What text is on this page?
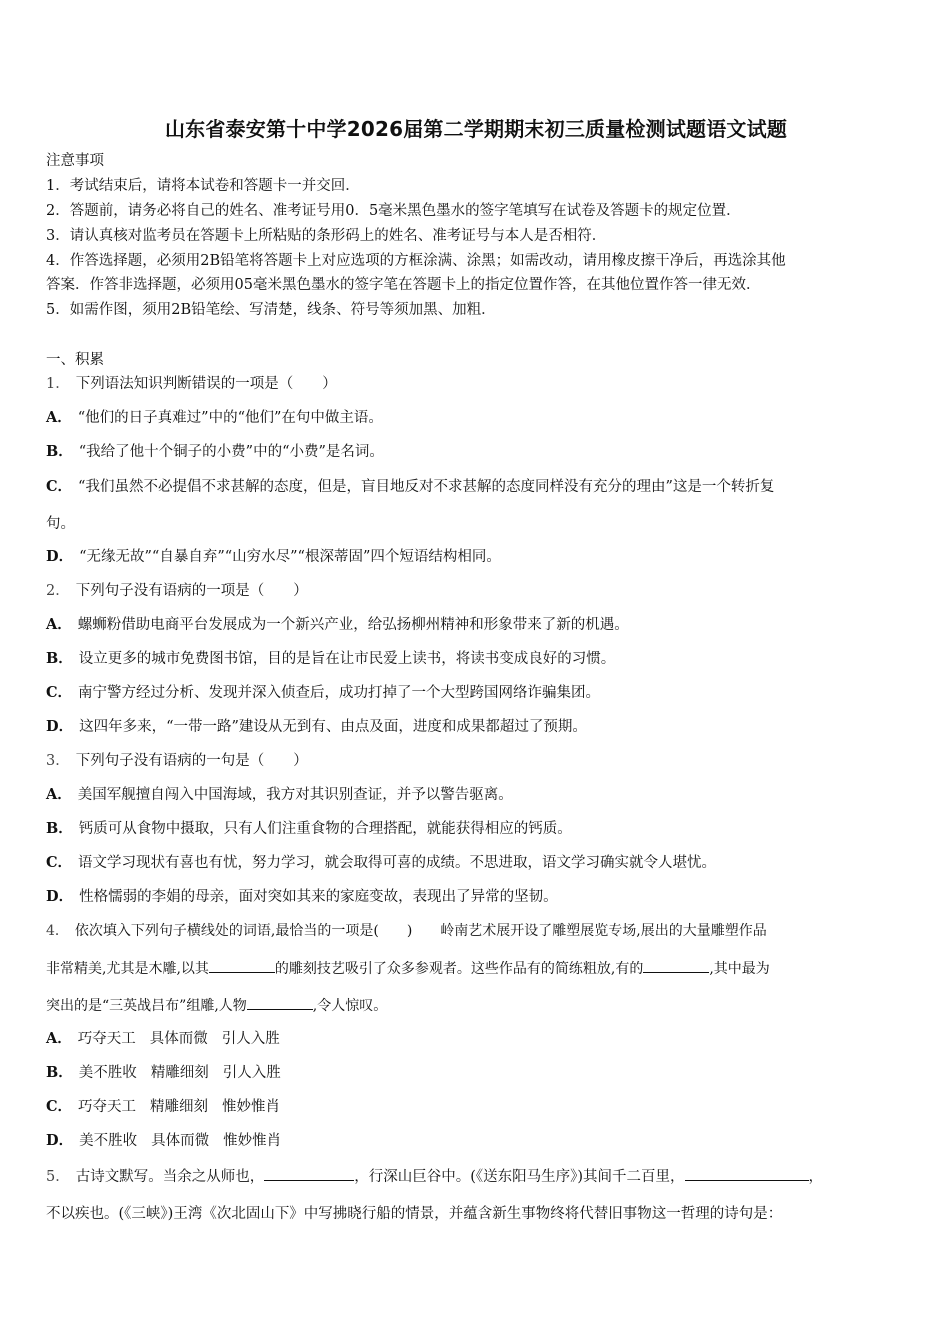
山东省泰安第十中学2026届第二学期期末初三质量检测试题语文试题
注意事项
1．考试结束后，请将本试卷和答题卡一并交回．
2．答题前，请务必将自己的姓名、准考证号用0．5毫米黑色墨水的签字笔填写在试卷及答题卡的规定位置．
3．请认真核对监考员在答题卡上所粘贴的条形码上的姓名、准考证号与本人是否相符．
4．作答选择题，必须用2B铅笔将答题卡上对应选项的方框涂满、涂黑；如需改动，请用橡皮擦干净后，再选涂其他
答案．作答非选择题，必须用05毫米黑色墨水的签字笔在答题卡上的指定位置作答，在其他位置作答一律无效．
5．如需作图，须用2B铅笔绘、写清楚，线条、符号等须加黑、加粗．
一、积累
1． 下列语法知识判断错误的一项是（　　）
A． “他们的日子真难过”中的“他们”在句中做主语。
B． “我给了他十个铜子的小费”中的“小费”是名词。
C． “我们虽然不必提倡不求甚解的态度，但是，盲目地反对不求甚解的态度同样没有充分的理由”这是一个转折复
句。
D． “无缘无故”“自暴自弃”“山穷水尽”“根深蒂固”四个短语结构相同。
2． 下列句子没有语病的一项是（　　）
A． 螺蛳粉借助电商平台发展成为一个新兴产业，给弘扬柳州精神和形象带来了新的机遇。
B． 设立更多的城市免费图书馆，目的是旨在让市民爱上读书，将读书变成良好的习惯。
C． 南宁警方经过分析、发现并深入侦查后，成功打掉了一个大型跨国网络诈骗集团。
D． 这四年多来，“一带一路”建设从无到有、由点及面，进度和成果都超过了预期。
3． 下列句子没有语病的一句是（　　）
A． 美国军舰擅自闯入中国海域，我方对其识别查证，并予以警告驱离。
B． 钙质可从食物中摄取，只有人们注重食物的合理搭配，就能获得相应的钙质。
C． 语文学习现状有喜也有忧，努力学习，就会取得可喜的成绩。不思进取，语文学习确实就令人堪忧。
D． 性格懦弱的李娟的母亲，面对突如其来的家庭变故，表现出了异常的坚韧。
4． 依次填入下列句子横线处的词语,最恰当的一项是(　　)　　岭南艺术展开设了雕塑展览专场,展出的大量雕塑作品
非常精美,尤其是木雕,以其	的雕刻技艺吸引了众多参观者。这些作品有的简练粗放,有的	,其中最为
突出的是“三英战吕布”组雕,人物	,令人惊叹。
A． 巧夺天工 具体而微 引人入胜
B． 美不胜收 精雕细刻 引人入胜
C． 巧夺天工 精雕细刻 惟妙惟肖
D． 美不胜收 具体而微 惟妙惟肖
5． 古诗文默写。当余之从师也，	，行深山巨谷中。(《送东阳马生序》)其间千二百里，	，
不以疾也。(《三峡》)王湾《次北固山下》中写拂晓行船的情景，并蕴含新生事物终将代替旧事物这一哲理的诗句是：
